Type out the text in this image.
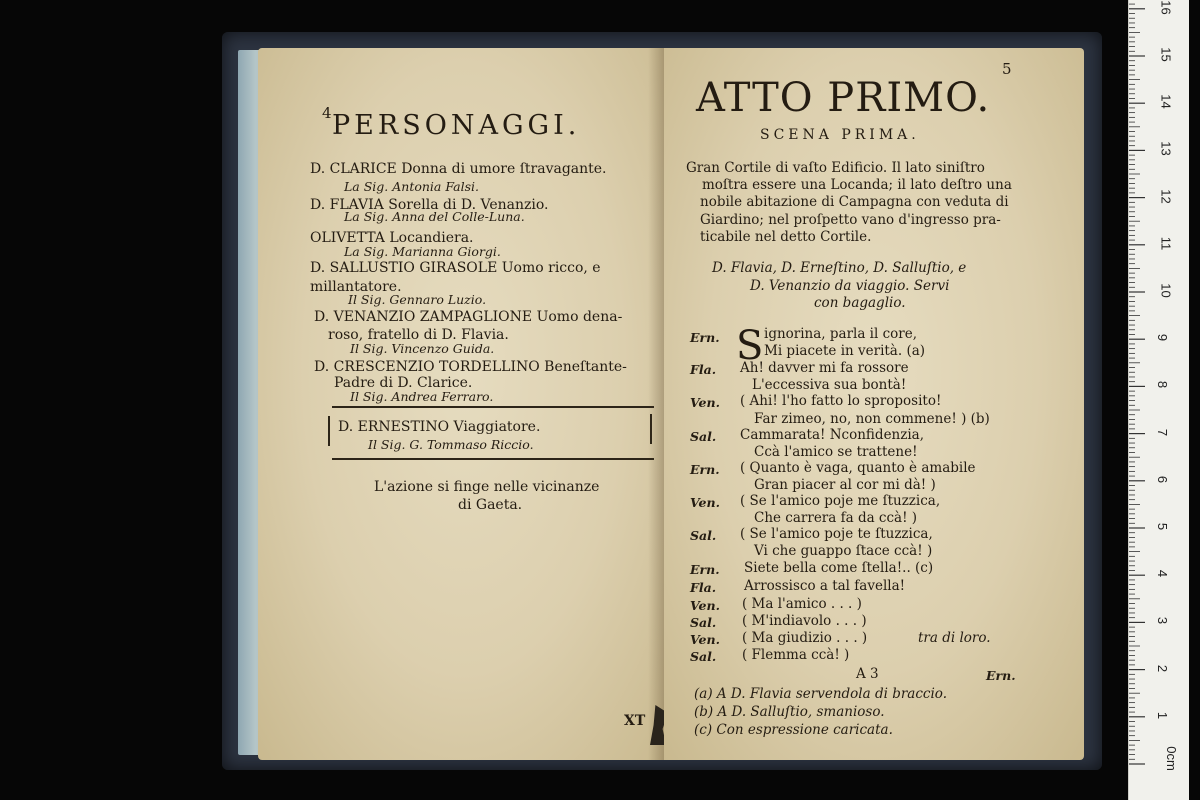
4 PERSONAGGI.
D. CLARICE Donna di umore ſtravagante.
La Sig. Antonia Falsi.
D. FLAVIA Sorella di D. Venanzio.
La Sig. Anna del Colle-Luna.
OLIVETTA Locandiera.
La Sig. Marianna Giorgi.
D. SALLUSTIO GIRASOLE Uomo ricco, e
millantatore.
Il Sig. Gennaro Luzio.
D. VENANZIO ZAMPAGLIONE Uomo dena-
roso, fratello di D. Flavia.
Il Sig. Vincenzo Guida.
D. CRESCENZIO TORDELLINO Beneſtante-
Padre di D. Clarice.
Il Sig. Andrea Ferraro.
D. ERNESTINO Viaggiatore.
Il Sig. G. Tommaso Riccio.
L'azione si finge nelle vicinanze
di Gaeta.
XT
5
ATTO PRIMO.
SCENA PRIMA.
Gran Cortile di vaſto Edificio. Il lato siniſtro
moſtra essere una Locanda; il lato deſtro una
nobile abitazione di Campagna con veduta di
Giardino; nel proſpetto vano d'ingresso pra-
ticabile nel detto Cortile.
D. Flavia, D. Erneſtino, D. Salluſtio, e
D. Venanzio da viaggio. Servi
con bagaglio.
Ern. S ignorina, parla il core,
Mi piacete in verità. (a)
Fla. Ah! davver mi fa rossore
L'eccessiva sua bontà!
Ven. ( Ahi! l'ho fatto lo sproposito!
Far zimeo, no, non commene! ) (b)
Sal. Cammarata! Nconfidenzia,
Ccà l'amico se trattene!
Ern. ( Quanto è vaga, quanto è amabile
Gran piacer al cor mi dà! )
Ven. ( Se l'amico poje me ſtuzzica,
Che carrera fa da ccà! )
Sal. ( Se l'amico poje te ſtuzzica,
Vi che guappo ſtace ccà! )
Ern. Siete bella come ſtella!.. (c)
Fla. Arrossisco a tal favella!
Ven. ( Ma l'amico . . . )
Sal. ( M'indiavolo . . . )
Ven. ( Ma giudizio . . . )	tra di loro.
Sal. ( Flemma ccà! )
A 3	Ern.
(a) A D. Flavia servendola di braccio.
(b) A D. Salluſtio, smanioso.
(c) Con espressione caricata.
0cm
1
2
3
4
5
6
7
8
9
10
11
12
13
14
15
16
